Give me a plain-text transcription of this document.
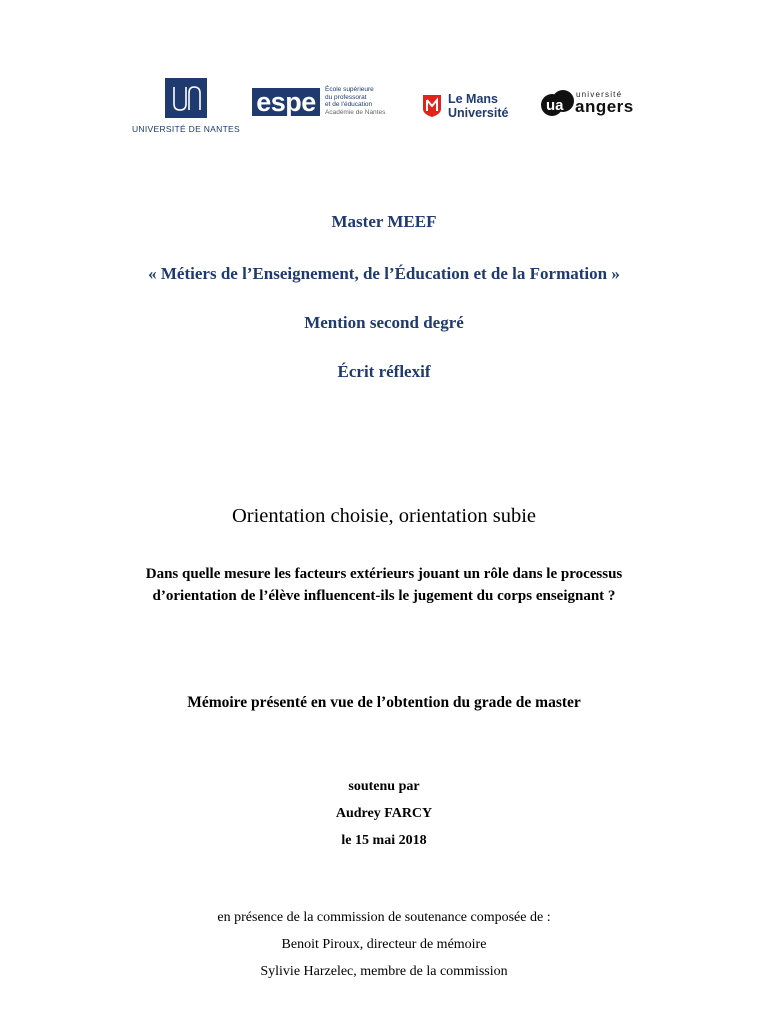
UNIVERSITÉ DE NANTES
espe	École supérieure
du professorat
et de l'éducation
Académie de Nantes
Le Mans
Université	ua
université
angers
Master MEEF
« Métiers de l’Enseignement, de l’Éducation et de la Formation »
Mention second degré
Écrit réflexif
Orientation choisie, orientation subie
Dans quelle mesure les facteurs extérieurs jouant un rôle dans le processus
d’orientation de l’élève influencent-ils le jugement du corps enseignant ?
Mémoire présenté en vue de l’obtention du grade de master
soutenu par
Audrey FARCY
le 15 mai 2018
en présence de la commission de soutenance composée de :
Benoit Piroux, directeur de mémoire
Sylivie Harzelec, membre de la commission
